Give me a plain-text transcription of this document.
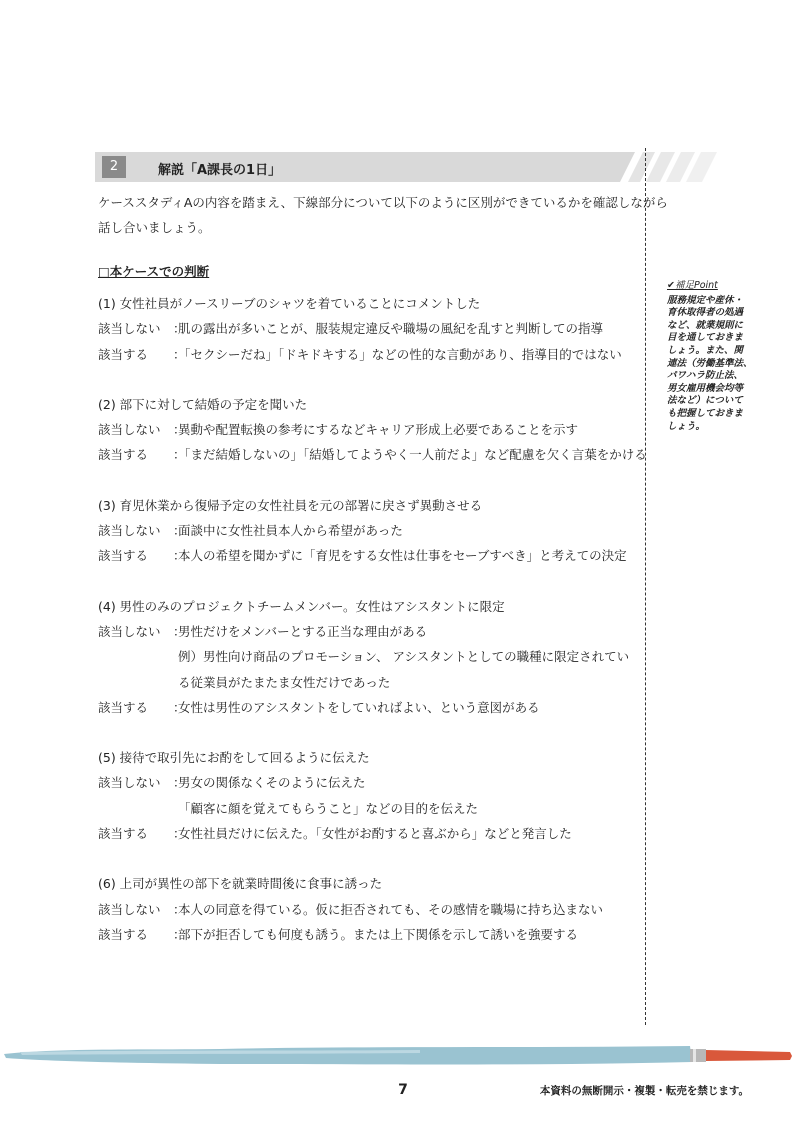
2	解説「A課長の1日」

ケーススタディAの内容を踏まえ、下線部分について以下のように区別ができているかを確認しながら

話し合いましょう。

□本ケースでの判断
(1) 女性社員がノースリーブのシャツを着ていることにコメントした
該当しない　：
肌の露出が多いことが、服装規定違反や職場の風紀を乱すと判断しての指導
該当する　　：
「セクシーだね」「ドキドキする」などの性的な言動があり、指導目的ではない
(2) 部下に対して結婚の予定を聞いた
該当しない　：
異動や配置転換の参考にするなどキャリア形成上必要であることを示す
該当する　　：
「まだ結婚しないの」「結婚してようやく一人前だよ」など配慮を欠く言葉をかける
(3) 育児休業から復帰予定の女性社員を元の部署に戻さず異動させる
該当しない　：
面談中に女性社員本人から希望があった
該当する　　：
本人の希望を聞かずに「育児をする女性は仕事をセーブすべき」と考えての決定
(4) 男性のみのプロジェクトチームメンバー。女性はアシスタントに限定
該当しない　：
男性だけをメンバーとする正当な理由がある
例）男性向け商品のプロモーション、 アシスタントとしての職種に限定されてい
る従業員がたまたま女性だけであった
該当する　　：
女性は男性のアシスタントをしていればよい、という意図がある
(5) 接待で取引先にお酌をして回るように伝えた
該当しない　：
男女の関係なくそのように伝えた
「顧客に顔を覚えてもらうこと」などの目的を伝えた
該当する　　：
女性社員だけに伝えた。「女性がお酌すると喜ぶから」などと発言した
(6) 上司が異性の部下を就業時間後に食事に誘った
該当しない　：
本人の同意を得ている。仮に拒否されても、その感情を職場に持ち込まない
該当する　　：
部下が拒否しても何度も誘う。または上下関係を示して誘いを強要する
✔補足Point
服務規定や産休・
育休取得者の処遇
など、就業規則に
目を通しておきま
しょう。また、関
連法（労働基準法、
パワハラ防止法、
男女雇用機会均等
法など）について
も把握しておきま
しょう。
7	本資料の無断開示・複製・転売を禁じます。
